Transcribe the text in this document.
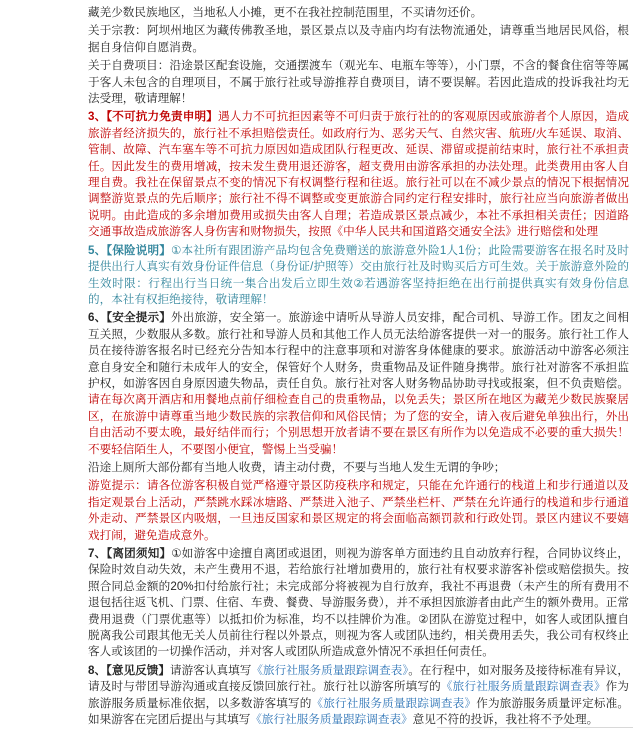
藏羌少数民族地区，当地私人小摊，更不在我社控制范围里，不买请勿还价。

关于宗教：阿坝州地区为藏传佛教圣地，景区景点以及寺庙内均有法物流通处，请尊重当地居民风俗，根据自身信仰自愿消费。

关于自费项目：沿途景区配套设施，交通摆渡车（观光车、电瓶车等等），小门票，不含的餐食住宿等等属于客人未包含的自理项目，不属于旅行社或导游推荐自费项目，请不要误解。若因此造成的投诉我社均无法受理，敬请理解！

3、【不可抗力免责申明】遇人力不可抗拒因素等不可归责于旅行社的的客观原因或旅游者个人原因，造成旅游者经济损失的，旅行社不承担赔偿责任。如政府行为、恶劣天气、自然灾害、航班/火车延误、取消、管制、故障、汽车塞车等不可抗力原因如造成团队行程更改、延误、滞留或提前结束时，旅行社不承担责任。因此发生的费用增减，按未发生费用退还游客，超支费用由游客承担的办法处理。此类费用由客人自理自费。我社在保留景点不变的情况下有权调整行程和往返。旅行社可以在不减少景点的情况下根据情况调整游览景点的先后顺序；旅行社不得不调整或变更旅游合同约定行程安排时，旅行社应当向旅游者做出说明。由此造成的多余增加费用或损失由客人自理；若造成景区景点减少，本社不承担相关责任；因道路交通事故造成旅游客人身伤害和财物损失，按照《中华人民共和国道路交通安全法》进行赔偿和处理

5、【保险说明】①本社所有跟团游产品均包含免费赠送的旅游意外险1人1份；此险需要游客在报名时及时提供出行人真实有效身份证件信息（身份证/护照等）交由旅行社及时购买后方可生效。关于旅游意外险的生效时限：行程出行当日统一集合出发后立即生效②若遇游客坚持拒绝在出行前提供真实有效身份信息的，本社有权拒绝接待，敬请理解！

6、【安全提示】外出旅游，安全第一。旅游途中请听从导游人员安排，配合司机、导游工作。团友之间相互关照，少数服从多数。旅行社和导游人员和其他工作人员无法给游客提供一对一的服务。旅行社工作人员在接待游客报名时已经充分告知本行程中的注意事项和对游客身体健康的要求。旅游活动中游客必须注意自身安全和随行未成年人的安全，保管好个人财务，贵重物品及证件随身携带。旅行社对游客不承担监护权，如游客因自身原因遗失物品，责任自负。旅行社对客人财务物品协助寻找或报案，但不负责赔偿。请在每次离开酒店和用餐地点前仔细检查自己的贵重物品，以免丢失；景区所在地区为藏羌少数民族聚居区，在旅游中请尊重当地少数民族的宗教信仰和风俗民情；为了您的安全，请入夜后避免单独出行，外出自由活动不要太晚，最好结伴而行；个别思想开放者请不要在景区有所作为以免造成不必要的重大损失！不要轻信陌生人，不要图小便宜，警惕上当受骗！

沿途上厕所大部份都有当地人收费，请主动付费，不要与当地人发生无谓的争吵；

游览提示：请各位游客积极自觉严格遵守景区防疫秩序和规定，只能在允许通行的栈道上和步行通道以及指定观景台上活动，严禁跳水踩冰塘路、严禁进入池子、严禁坐栏杆、严禁在允许通行的栈道和步行通道外走动、严禁景区内吸烟，一旦违反国家和景区规定的将会面临高额罚款和行政处罚。景区内建议不要嬉戏打闹，避免造成意外。

7、【离团须知】①如游客中途擅自离团或退团，则视为游客单方面违约且自动放弃行程，合同协议终止，保险时效自动失效，未产生费用不退，若给旅行社增加费用的，旅行社有权要求游客补偿或赔偿损失。按照合同总金额的20%扣付给旅行社；未完成部分将被视为自行放弃，我社不再退费（未产生的所有费用不退包括往返飞机、门票、住宿、车费、餐费、导游服务费），并不承担因旅游者由此产生的额外费用。正常费用退费（门票优惠等）以抵扣价为标准，均不以挂牌价为准。②团队在游览过程中，如客人或团队擅自脱离我公司跟其他无关人员前往行程以外景点，则视为客人或团队违约，相关费用丢失，我公司有权终止客人或该团的一切操作活动，并对客人或团队所造成意外情况不承担任何责任。

8、【意见反馈】请游客认真填写《旅行社服务质量跟踪调查表》。在行程中，如对服务及接待标准有异议，请及时与带团导游沟通或直接反馈回旅行社。旅行社以游客所填写的《旅行社服务质量跟踪调查表》作为旅游服务质量标准依据，以多数游客填写的《旅行社服务质量跟踪调查表》作为旅游服务质量评定标准。如果游客在完团后提出与其填写《旅行社服务质量跟踪调查表》意见不符的投诉，我社将不予处理。
